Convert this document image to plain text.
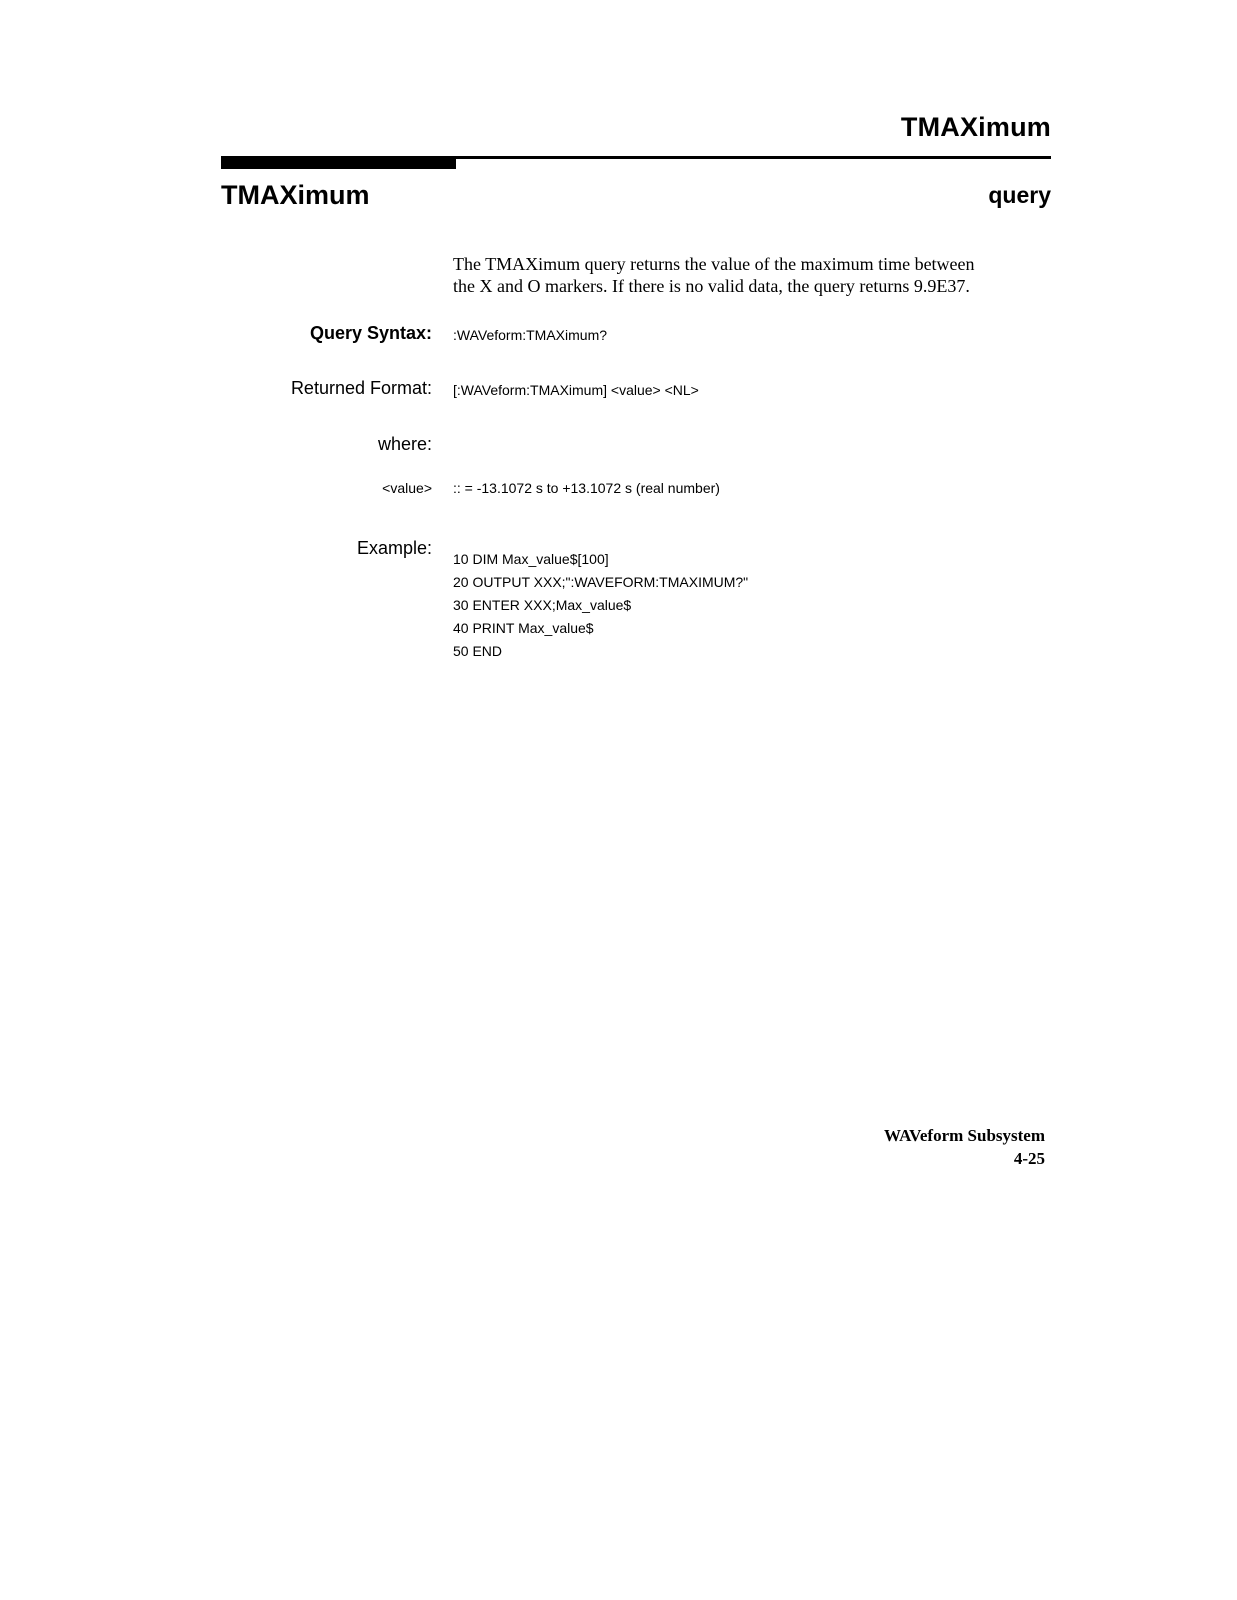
TMAXimum
TMAXimum	query
The TMAXimum query returns the value of the maximum time between
the X and O markers. If there is no valid data, the query returns 9.9E37.
Query Syntax: :WAVeform:TMAXimum?
Returned Format: [:WAVeform:TMAXimum] <value> <NL>
where:
<value> :: = -13.1072 s to +13.1072 s (real number)
Example:
10 DIM Max_value$[100]
20 OUTPUT XXX;":WAVEFORM:TMAXIMUM?"
30 ENTER XXX;Max_value$
40 PRINT Max_value$
50 END
WAVeform Subsystem
4-25
